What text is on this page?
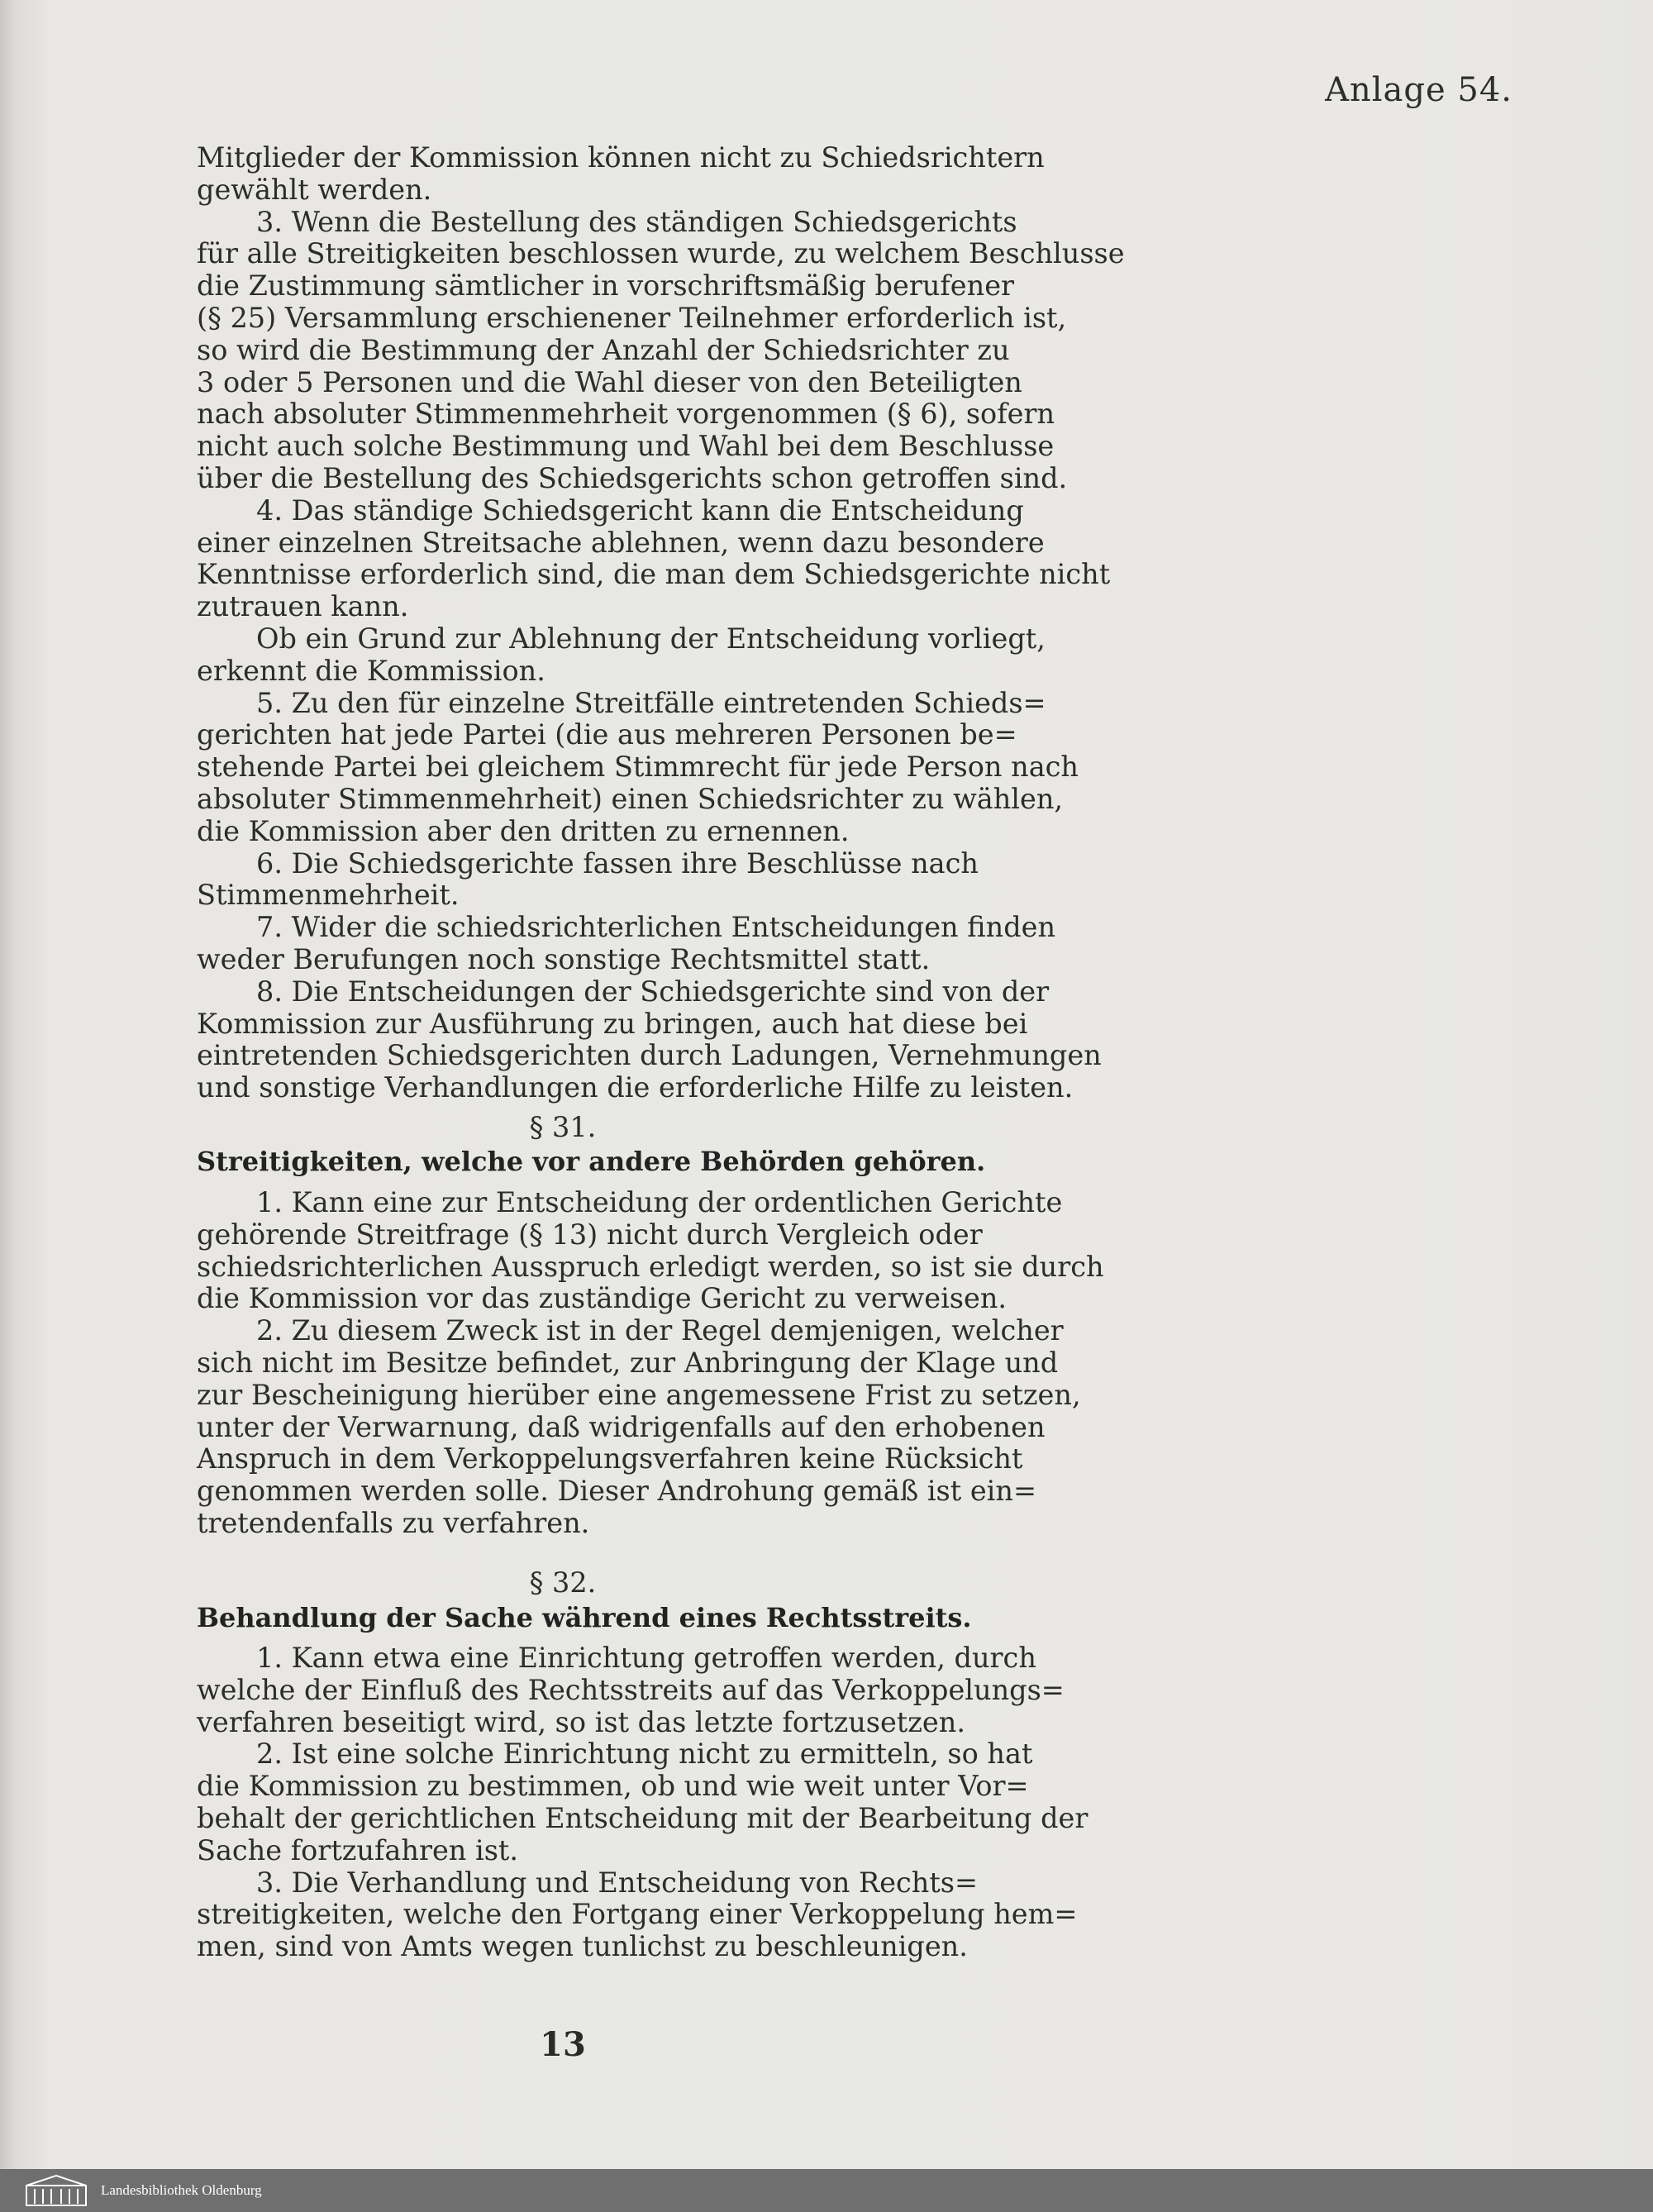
Anlage 54.
Mitglieder der Kommission können nicht zu Schiedsrichtern
gewählt werden.
3. Wenn die Bestellung des ständigen Schiedsgerichts
für alle Streitigkeiten beschlossen wurde, zu welchem Beschlusse
die Zustimmung sämtlicher in vorschriftsmäßig berufener
(§ 25) Versammlung erschienener Teilnehmer erforderlich ist,
so wird die Bestimmung der Anzahl der Schiedsrichter zu
3 oder 5 Personen und die Wahl dieser von den Beteiligten
nach absoluter Stimmenmehrheit vorgenommen (§ 6), sofern
nicht auch solche Bestimmung und Wahl bei dem Beschlusse
über die Bestellung des Schiedsgerichts schon getroffen sind.
4. Das ständige Schiedsgericht kann die Entscheidung
einer einzelnen Streitsache ablehnen, wenn dazu besondere
Kenntnisse erforderlich sind, die man dem Schiedsgerichte nicht
zutrauen kann.
Ob ein Grund zur Ablehnung der Entscheidung vorliegt,
erkennt die Kommission.
5. Zu den für einzelne Streitfälle eintretenden Schieds=
gerichten hat jede Partei (die aus mehreren Personen be=
stehende Partei bei gleichem Stimmrecht für jede Person nach
absoluter Stimmenmehrheit) einen Schiedsrichter zu wählen,
die Kommission aber den dritten zu ernennen.
6. Die Schiedsgerichte fassen ihre Beschlüsse nach
Stimmenmehrheit.
7. Wider die schiedsrichterlichen Entscheidungen finden
weder Berufungen noch sonstige Rechtsmittel statt.
8. Die Entscheidungen der Schiedsgerichte sind von der
Kommission zur Ausführung zu bringen, auch hat diese bei
eintretenden Schiedsgerichten durch Ladungen, Vernehmungen
und sonstige Verhandlungen die erforderliche Hilfe zu leisten.
1. Kann eine zur Entscheidung der ordentlichen Gerichte
gehörende Streitfrage (§ 13) nicht durch Vergleich oder
schiedsrichterlichen Ausspruch erledigt werden, so ist sie durch
die Kommission vor das zuständige Gericht zu verweisen.
2. Zu diesem Zweck ist in der Regel demjenigen, welcher
sich nicht im Besitze befindet, zur Anbringung der Klage und
zur Bescheinigung hierüber eine angemessene Frist zu setzen,
unter der Verwarnung, daß widrigenfalls auf den erhobenen
Anspruch in dem Verkoppelungsverfahren keine Rücksicht
genommen werden solle. Dieser Androhung gemäß ist ein=
tretendenfalls zu verfahren.
1. Kann etwa eine Einrichtung getroffen werden, durch
welche der Einfluß des Rechtsstreits auf das Verkoppelungs=
verfahren beseitigt wird, so ist das letzte fortzusetzen.
2. Ist eine solche Einrichtung nicht zu ermitteln, so hat
die Kommission zu bestimmen, ob und wie weit unter Vor=
behalt der gerichtlichen Entscheidung mit der Bearbeitung der
Sache fortzufahren ist.
3. Die Verhandlung und Entscheidung von Rechts=
streitigkeiten, welche den Fortgang einer Verkoppelung hem=
men, sind von Amts wegen tunlichst zu beschleunigen.
§ 31.
Streitigkeiten, welche vor andere Behörden gehören.
§ 32.
Behandlung der Sache während eines Rechtsstreits.
13
Landesbibliothek Oldenburg
